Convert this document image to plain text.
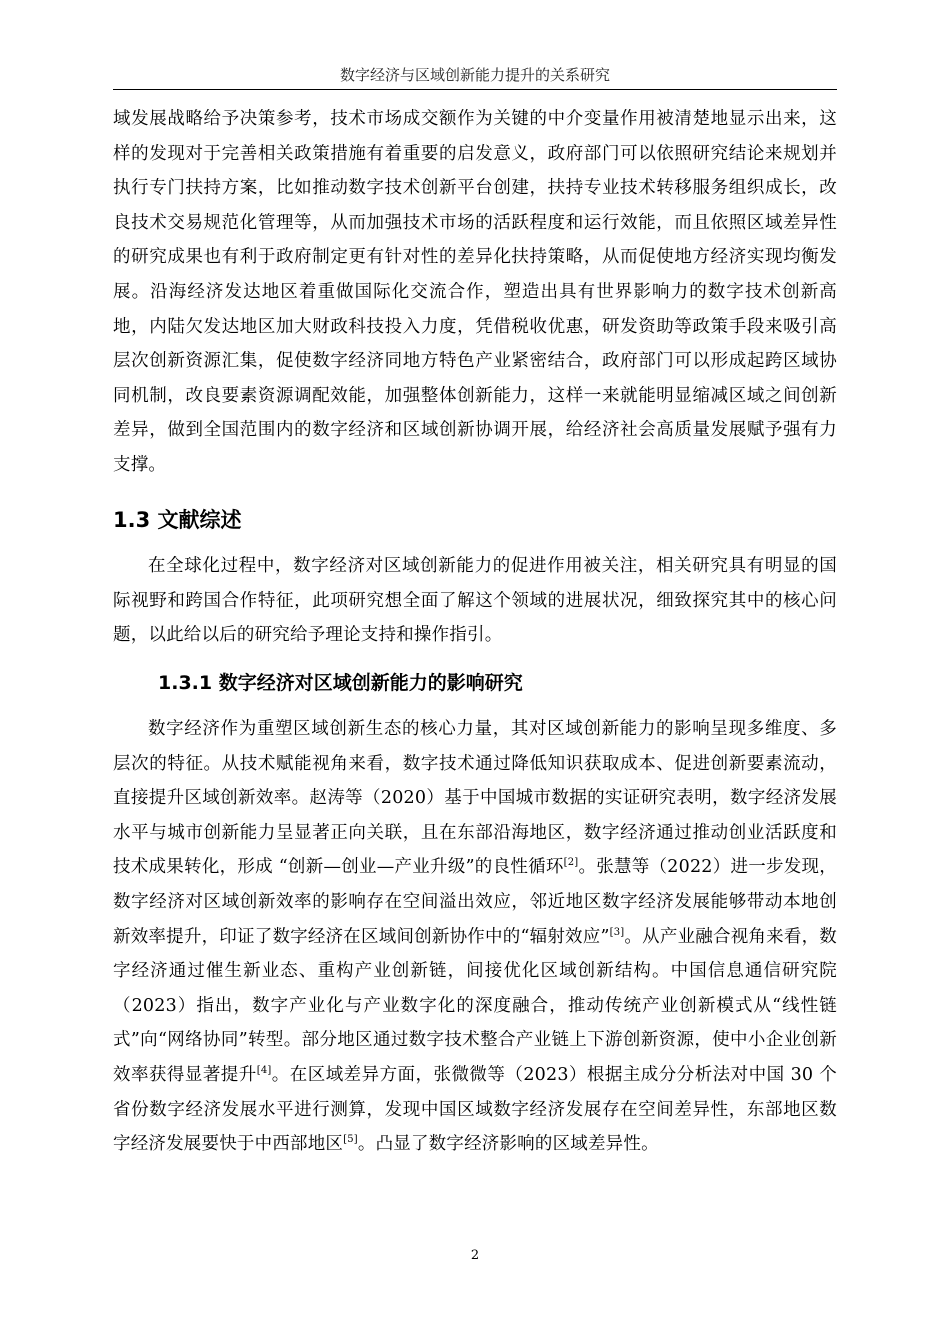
数字经济与区域创新能力提升的关系研究

域发展战略给予决策参考，技术市场成交额作为关键的中介变量作用被清楚地显示出来，这样的发现对于完善相关政策措施有着重要的启发意义，政府部门可以依照研究结论来规划并执行专门扶持方案，比如推动数字技术创新平台创建，扶持专业技术转移服务组织成长，改良技术交易规范化管理等，从而加强技术市场的活跃程度和运行效能，而且依照区域差异性的研究成果也有利于政府制定更有针对性的差异化扶持策略，从而促使地方经济实现均衡发展。沿海经济发达地区着重做国际化交流合作，塑造出具有世界影响力的数字技术创新高地，内陆欠发达地区加大财政科技投入力度，凭借税收优惠，研发资助等政策手段来吸引高层次创新资源汇集，促使数字经济同地方特色产业紧密结合，政府部门可以形成起跨区域协同机制，改良要素资源调配效能，加强整体创新能力，这样一来就能明显缩减区域之间创新差异，做到全国范围内的数字经济和区域创新协调开展，给经济社会高质量发展赋予强有力支撑。

1.3 文献综述

在全球化过程中，数字经济对区域创新能力的促进作用被关注，相关研究具有明显的国际视野和跨国合作特征，此项研究想全面了解这个领域的进展状况，细致探究其中的核心问题，以此给以后的研究给予理论支持和操作指引。

1.3.1 数字经济对区域创新能力的影响研究

数字经济作为重塑区域创新生态的核心力量，其对区域创新能力的影响呈现多维度、多层次的特征。从技术赋能视角来看，数字技术通过降低知识获取成本、促进创新要素流动，直接提升区域创新效率。赵涛等（2020）基于中国城市数据的实证研究表明，数字经济发展水平与城市创新能力呈显著正向关联，且在东部沿海地区，数字经济通过推动创业活跃度和技术成果转化，形成 “创新—创业—产业升级”的良性循环[2]。张慧等（2022）进一步发现，数字经济对区域创新效率的影响存在空间溢出效应，邻近地区数字经济发展能够带动本地创新效率提升，印证了数字经济在区域间创新协作中的“辐射效应”[3]。从产业融合视角来看，数字经济通过催生新业态、重构产业创新链，间接优化区域创新结构。中国信息通信研究院（2023）指出，数字产业化与产业数字化的深度融合，推动传统产业创新模式从“线性链式”向“网络协同”转型。部分地区通过数字技术整合产业链上下游创新资源，使中小企业创新效率获得显著提升[4]。在区域差异方面，张微微等（2023）根据主成分分析法对中国 30 个省份数字经济发展水平进行测算，发现中国区域数字经济发展存在空间差异性，东部地区数字经济发展要快于中西部地区[5]。凸显了数字经济影响的区域差异性。

2
